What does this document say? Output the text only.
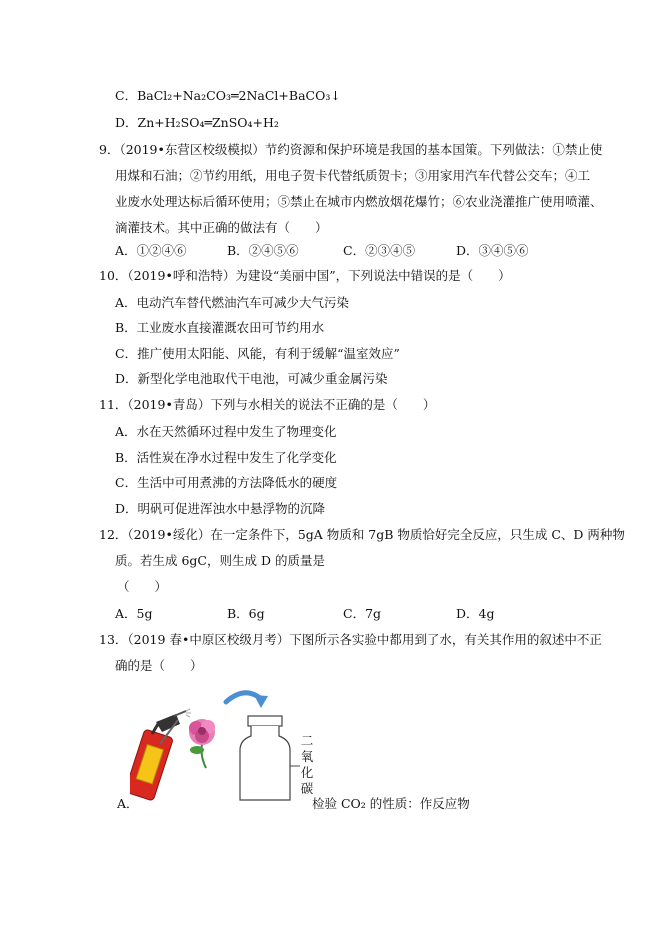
C．BaCl₂+Na₂CO₃═2NaCl+BaCO₃↓
D．Zn+H₂SO₄═ZnSO₄+H₂
9．（2019•东营区校级模拟）节约资源和保护环境是我国的基本国策。下列做法：①禁止使
用煤和石油；②节约用纸，用电子贺卡代替纸质贺卡；③用家用汽车代替公交车；④工
业废水处理达标后循环使用；⑤禁止在城市内燃放烟花爆竹；⑥农业浇灌推广使用喷灌、
滴灌技术。其中正确的做法有（　　）
A．①②④⑥	B．②④⑤⑥	C．②③④⑤	D．③④⑤⑥
10．（2019•呼和浩特）为建设“美丽中国”，下列说法中错误的是（　　）
A．电动汽车替代燃油汽车可减少大气污染
B．工业废水直接灌溉农田可节约用水
C．推广使用太阳能、风能，有利于缓解“温室效应”
D．新型化学电池取代干电池，可减少重金属污染
11．（2019•青岛）下列与水相关的说法不正确的是（　　）
A．水在天然循环过程中发生了物理变化
B．活性炭在净水过程中发生了化学变化
C．生活中可用煮沸的方法降低水的硬度
D．明矾可促进浑浊水中悬浮物的沉降
12．（2019•绥化）在一定条件下，5gA 物质和 7gB 物质恰好完全反应，只生成 C、D 两种物
质。若生成 6gC，则生成 D 的质量是
（　　）
A．5g	B．6g	C．7g	D．4g
13．（2019 春•中原区校级月考）下图所示各实验中都用到了水，有关其作用的叙述中不正
确的是（　　）
二
氧
化
碳
A．	检验 CO₂ 的性质：作反应物
